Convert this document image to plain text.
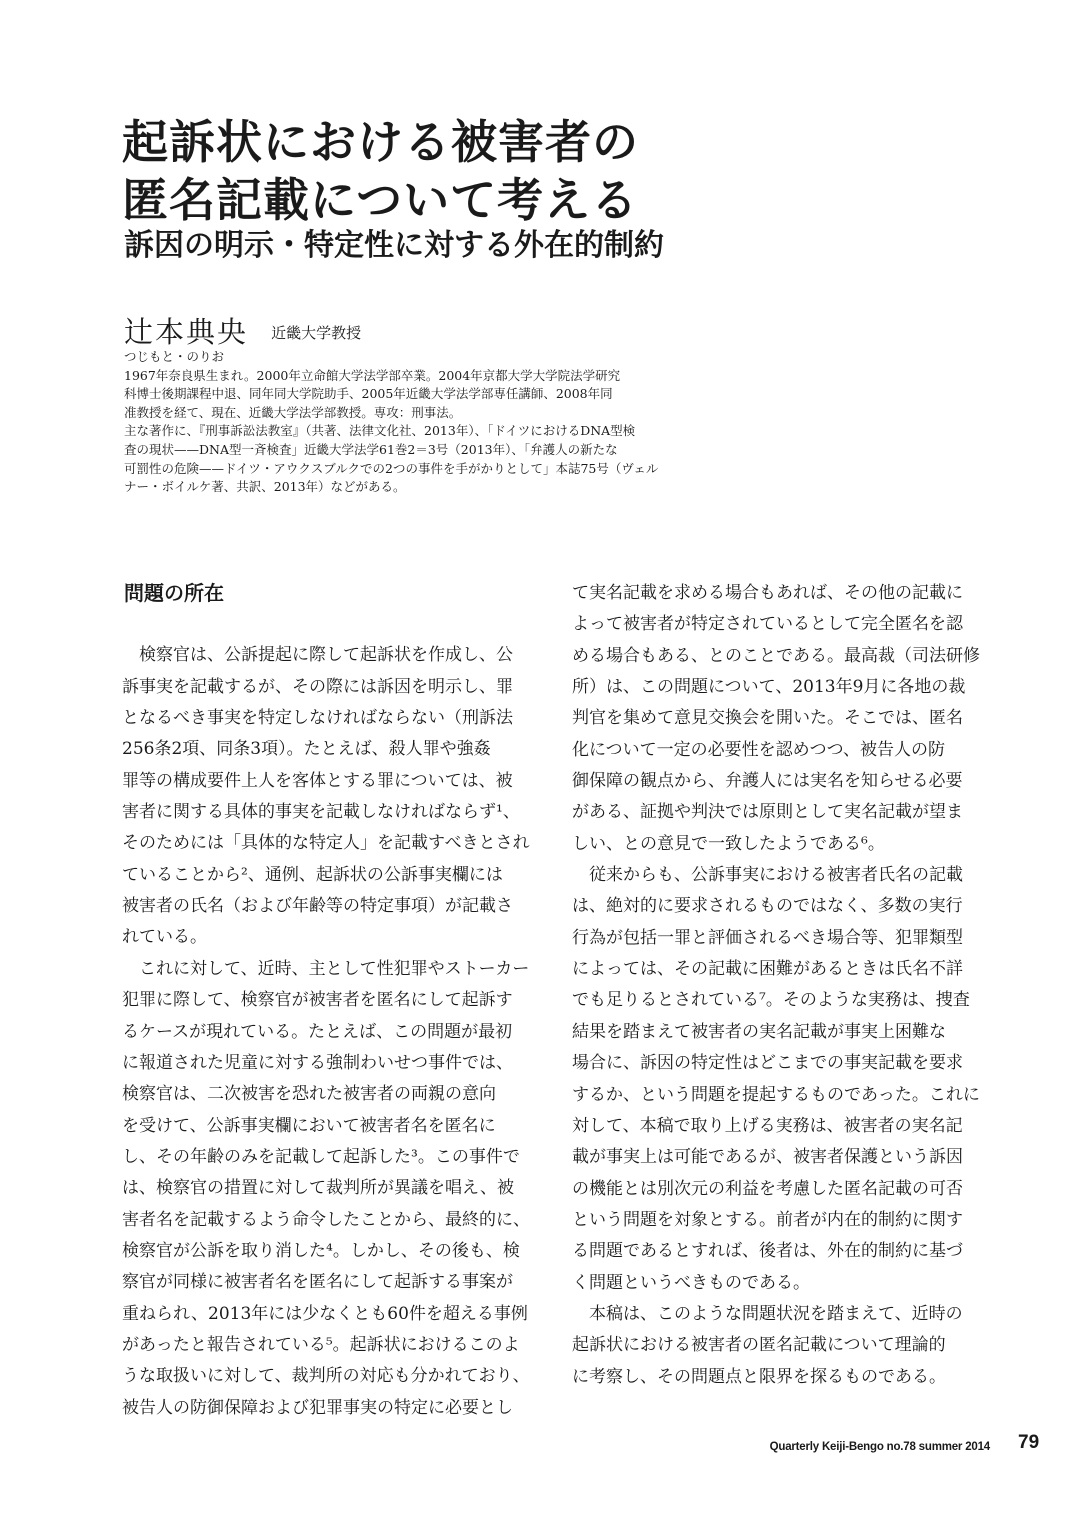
起訴状における被害者の
匿名記載について考える
訴因の明示・特定性に対する外在的制約
辻本典央 近畿大学教授
つじもと・のりお
1967年奈良県生まれ。2000年立命館大学法学部卒業。2004年京都大学大学院法学研究
科博士後期課程中退、同年同大学院助手、2005年近畿大学法学部専任講師、2008年同
准教授を経て、現在、近畿大学法学部教授。専攻：刑事法。
主な著作に、『刑事訴訟法教室』（共著、法律文化社、2013年）、「ドイツにおけるDNA型検
査の現状——DNA型一斉検査」近畿大学法学61巻2＝3号（2013年）、「弁護人の新たな
可罰性の危険——ドイツ・アウクスブルクでの2つの事件を手がかりとして」本誌75号（ヴェル
ナー・ボイルケ著、共訳、2013年）などがある。
問題の所在
　検察官は、公訴提起に際して起訴状を作成し、公
訴事実を記載するが、その際には訴因を明示し、罪
となるべき事実を特定しなければならない（刑訴法
256条2項、同条3項）。たとえば、殺人罪や強姦
罪等の構成要件上人を客体とする罪については、被
害者に関する具体的事実を記載しなければならず¹、
そのためには「具体的な特定人」を記載すべきとされ
ていることから²、通例、起訴状の公訴事実欄には
被害者の氏名（および年齢等の特定事項）が記載さ
れている。
　これに対して、近時、主として性犯罪やストーカー
犯罪に際して、検察官が被害者を匿名にして起訴す
るケースが現れている。たとえば、この問題が最初
に報道された児童に対する強制わいせつ事件では、
検察官は、二次被害を恐れた被害者の両親の意向
を受けて、公訴事実欄において被害者名を匿名に
し、その年齢のみを記載して起訴した³。この事件で
は、検察官の措置に対して裁判所が異議を唱え、被
害者名を記載するよう命令したことから、最終的に、
検察官が公訴を取り消した⁴。しかし、その後も、検
察官が同様に被害者名を匿名にして起訴する事案が
重ねられ、2013年には少なくとも60件を超える事例
があったと報告されている⁵。起訴状におけるこのよ
うな取扱いに対して、裁判所の対応も分かれており、
被告人の防御保障および犯罪事実の特定に必要とし
て実名記載を求める場合もあれば、その他の記載に
よって被害者が特定されているとして完全匿名を認
める場合もある、とのことである。最高裁（司法研修
所）は、この問題について、2013年9月に各地の裁
判官を集めて意見交換会を開いた。そこでは、匿名
化について一定の必要性を認めつつ、被告人の防
御保障の観点から、弁護人には実名を知らせる必要
がある、証拠や判決では原則として実名記載が望ま
しい、との意見で一致したようである⁶。
　従来からも、公訴事実における被害者氏名の記載
は、絶対的に要求されるものではなく、多数の実行
行為が包括一罪と評価されるべき場合等、犯罪類型
によっては、その記載に困難があるときは氏名不詳
でも足りるとされている⁷。そのような実務は、捜査
結果を踏まえて被害者の実名記載が事実上困難な
場合に、訴因の特定性はどこまでの事実記載を要求
するか、という問題を提起するものであった。これに
対して、本稿で取り上げる実務は、被害者の実名記
載が事実上は可能であるが、被害者保護という訴因
の機能とは別次元の利益を考慮した匿名記載の可否
という問題を対象とする。前者が内在的制約に関す
る問題であるとすれば、後者は、外在的制約に基づ
く問題というべきものである。
　本稿は、このような問題状況を踏まえて、近時の
起訴状における被害者の匿名記載について理論的
に考察し、その問題点と限界を探るものである。
Quarterly Keiji-Bengo no.78 summer 2014 79
